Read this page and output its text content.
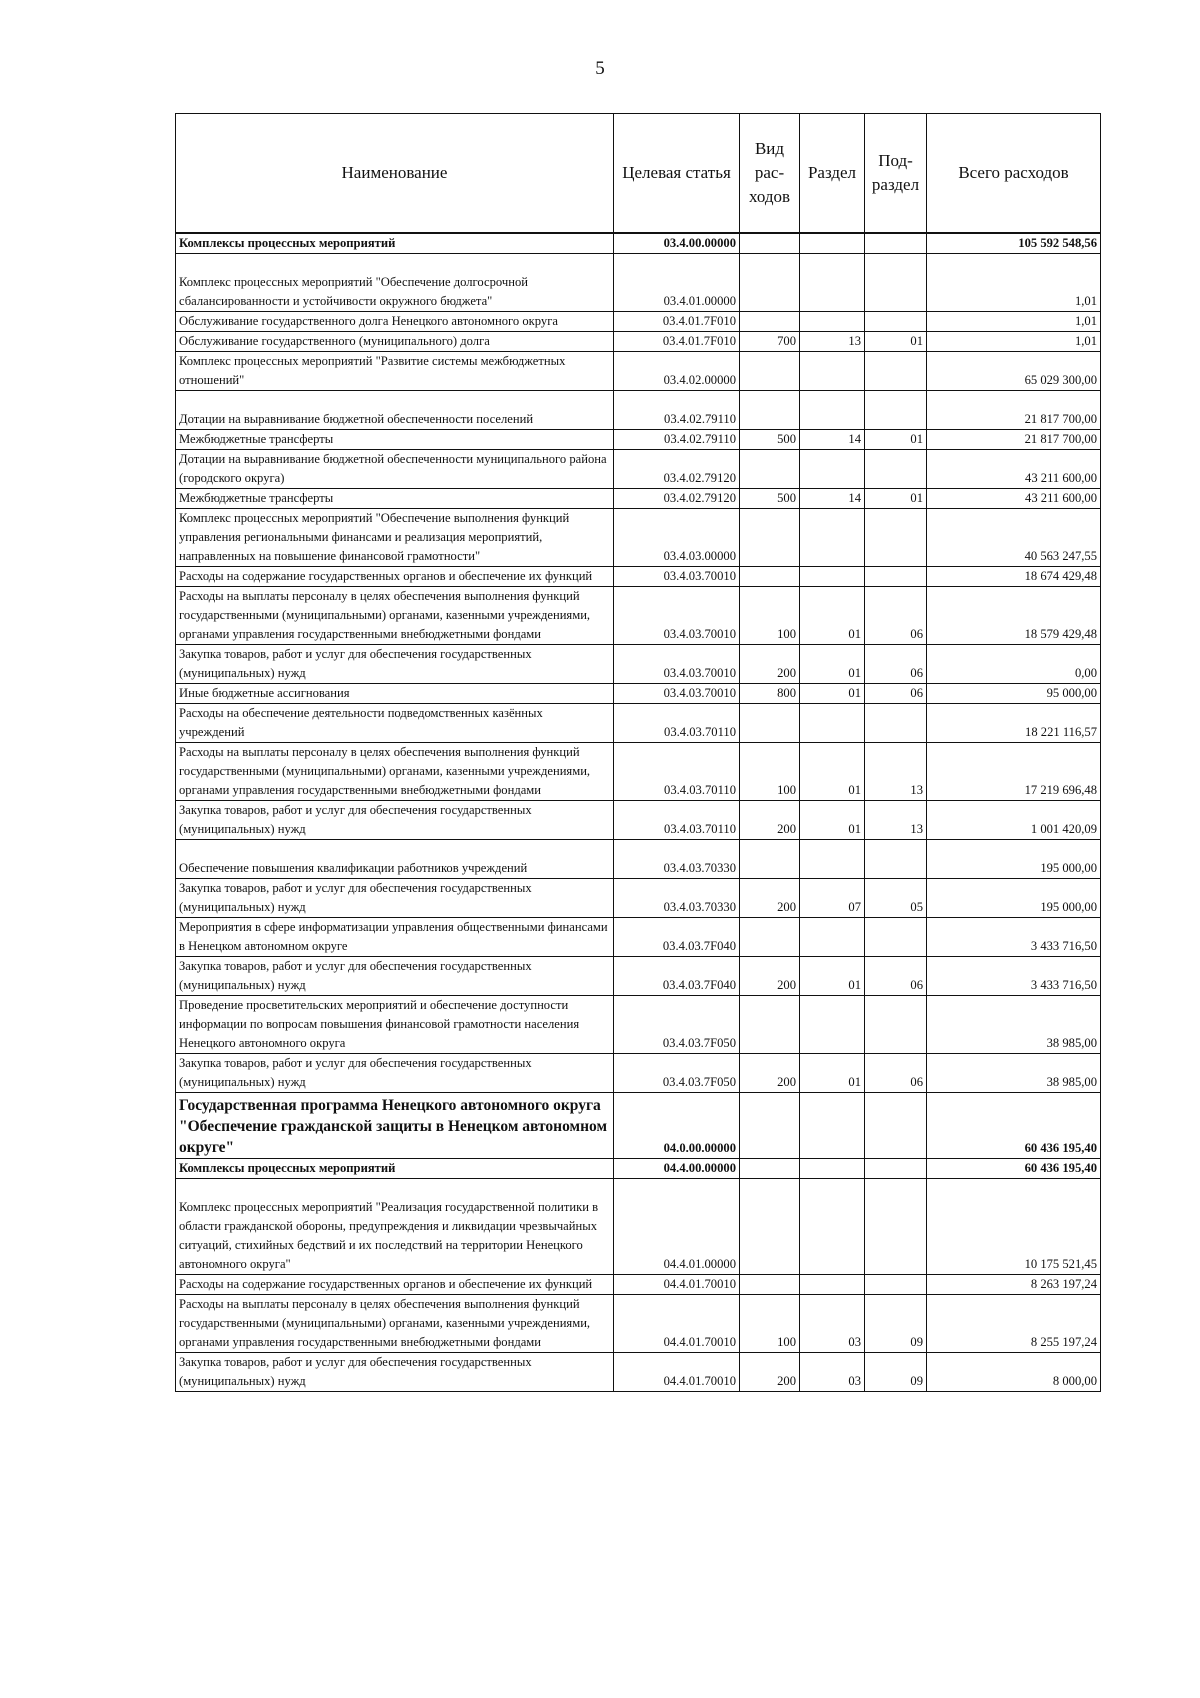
5
Наименование	Целевая статья	Вид рас-ходов	Раздел	Под-раздел	Всего расходов
Комплексы процессных мероприятий	03.4.00.00000				105 592 548,56
Комплекс процессных мероприятий "Обеспечение долгосрочной сбалансированности и устойчивости окружного бюджета"	03.4.01.00000				1,01
Обслуживание государственного долга Ненецкого автономного округа	03.4.01.7F010				1,01
Обслуживание государственного (муниципального) долга	03.4.01.7F010	700	13	01	1,01
Комплекс процессных мероприятий "Развитие системы межбюджетных отношений"	03.4.02.00000				65 029 300,00
Дотации на выравнивание бюджетной обеспеченности поселений	03.4.02.79110				21 817 700,00
Межбюджетные трансферты	03.4.02.79110	500	14	01	21 817 700,00
Дотации на выравнивание бюджетной обеспеченности муниципального района (городского округа)	03.4.02.79120				43 211 600,00
Межбюджетные трансферты	03.4.02.79120	500	14	01	43 211 600,00
Комплекс процессных мероприятий "Обеспечение выполнения функций управления региональными финансами и реализация мероприятий, направленных на повышение финансовой грамотности"	03.4.03.00000				40 563 247,55
Расходы на содержание государственных органов и обеспечение их функций	03.4.03.70010				18 674 429,48
Расходы на выплаты персоналу в целях обеспечения выполнения функций государственными (муниципальными) органами, казенными учреждениями, органами управления государственными внебюджетными фондами	03.4.03.70010	100	01	06	18 579 429,48
Закупка товаров, работ и услуг для обеспечения государственных (муниципальных) нужд	03.4.03.70010	200	01	06	0,00
Иные бюджетные ассигнования	03.4.03.70010	800	01	06	95 000,00
Расходы на обеспечение деятельности подведомственных казённых учреждений	03.4.03.70110				18 221 116,57
Расходы на выплаты персоналу в целях обеспечения выполнения функций государственными (муниципальными) органами, казенными учреждениями, органами управления государственными внебюджетными фондами	03.4.03.70110	100	01	13	17 219 696,48
Закупка товаров, работ и услуг для обеспечения государственных (муниципальных) нужд	03.4.03.70110	200	01	13	1 001 420,09
Обеспечение повышения квалификации работников учреждений	03.4.03.70330				195 000,00
Закупка товаров, работ и услуг для обеспечения государственных (муниципальных) нужд	03.4.03.70330	200	07	05	195 000,00
Мероприятия в сфере информатизации управления общественными финансами в Ненецком автономном округе	03.4.03.7F040				3 433 716,50
Закупка товаров, работ и услуг для обеспечения государственных (муниципальных) нужд	03.4.03.7F040	200	01	06	3 433 716,50
Проведение просветительских мероприятий и обеспечение доступности информации по вопросам повышения финансовой грамотности населения Ненецкого автономного округа	03.4.03.7F050				38 985,00
Закупка товаров, работ и услуг для обеспечения государственных (муниципальных) нужд	03.4.03.7F050	200	01	06	38 985,00
Государственная программа Ненецкого автономного округа "Обеспечение гражданской защиты в Ненецком автономном округе"	04.0.00.00000				60 436 195,40
Комплексы процессных мероприятий	04.4.00.00000				60 436 195,40
Комплекс процессных мероприятий "Реализация государственной политики в области гражданской обороны, предупреждения и ликвидации чрезвычайных ситуаций, стихийных бедствий и их последствий на территории Ненецкого автономного округа"	04.4.01.00000				10 175 521,45
Расходы на содержание государственных органов и обеспечение их функций	04.4.01.70010				8 263 197,24
Расходы на выплаты персоналу в целях обеспечения выполнения функций государственными (муниципальными) органами, казенными учреждениями, органами управления государственными внебюджетными фондами	04.4.01.70010	100	03	09	8 255 197,24
Закупка товаров, работ и услуг для обеспечения государственных (муниципальных) нужд	04.4.01.70010	200	03	09	8 000,00
